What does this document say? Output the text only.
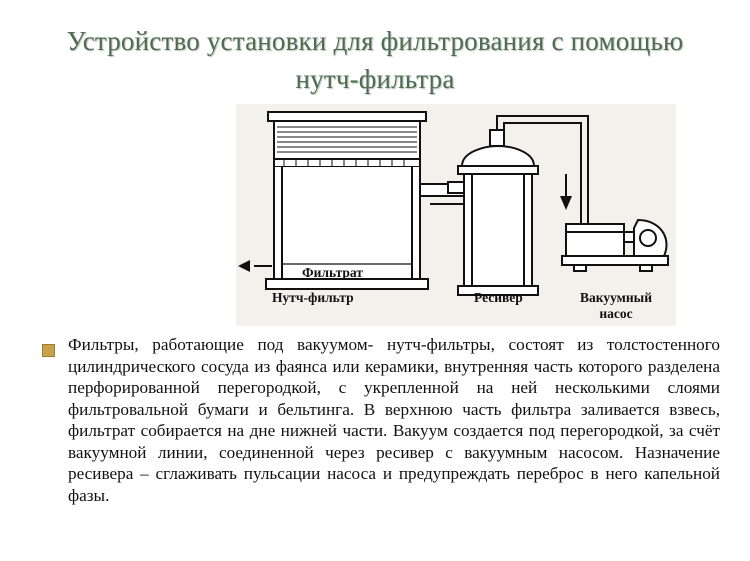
Устройство установки для фильтрования с помощью нутч-фильтра
Фильтрат
Нутч-фильтр	Ресивер	Вакуумный
насос
Фильтры, работающие под вакуумом- нутч-фильтры, состоят из толстостенного цилиндрического сосуда из фаянса или керамики, внутренняя часть которого разделена перфорированной перегородкой, с укрепленной на ней несколькими слоями фильтровальной бумаги и бельтинга. В верхнюю часть фильтра заливается взвесь, фильтрат собирается на дне нижней части. Вакуум создается под перегородкой, за счёт вакуумной линии, соединенной через ресивер с вакуумным насосом. Назначение ресивера – сглаживать пульсации насоса и предупреждать переброс в него капельной фазы.
